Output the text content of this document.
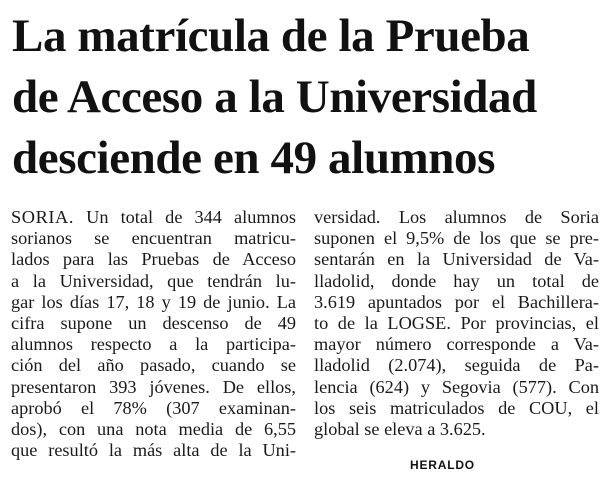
La matrícula de la Prueba
de Acceso a la Universidad
desciende en 49 alumnos
SORIA. Un total de 344 alumnos
sorianos se encuentran matricu-
lados para las Pruebas de Acceso
a la Universidad, que tendrán lu-
gar los días 17, 18 y 19 de junio. La
cifra supone un descenso de 49
alumnos respecto a la participa-
ción del año pasado, cuando se
presentaron 393 jóvenes. De ellos,
aprobó el 78% (307 examinan-
dos), con una nota media de 6,55
que resultó la más alta de la Uni-
versidad. Los alumnos de Soria
suponen el 9,5% de los que se pre-
sentarán en la Universidad de Va-
lladolid, donde hay un total de
3.619 apuntados por el Bachillera-
to de la LOGSE. Por provincias, el
mayor número corresponde a Va-
lladolid (2.074), seguida de Pa-
lencia (624) y Segovia (577). Con
los seis matriculados de COU, el
global se eleva a 3.625.
HERALDO
